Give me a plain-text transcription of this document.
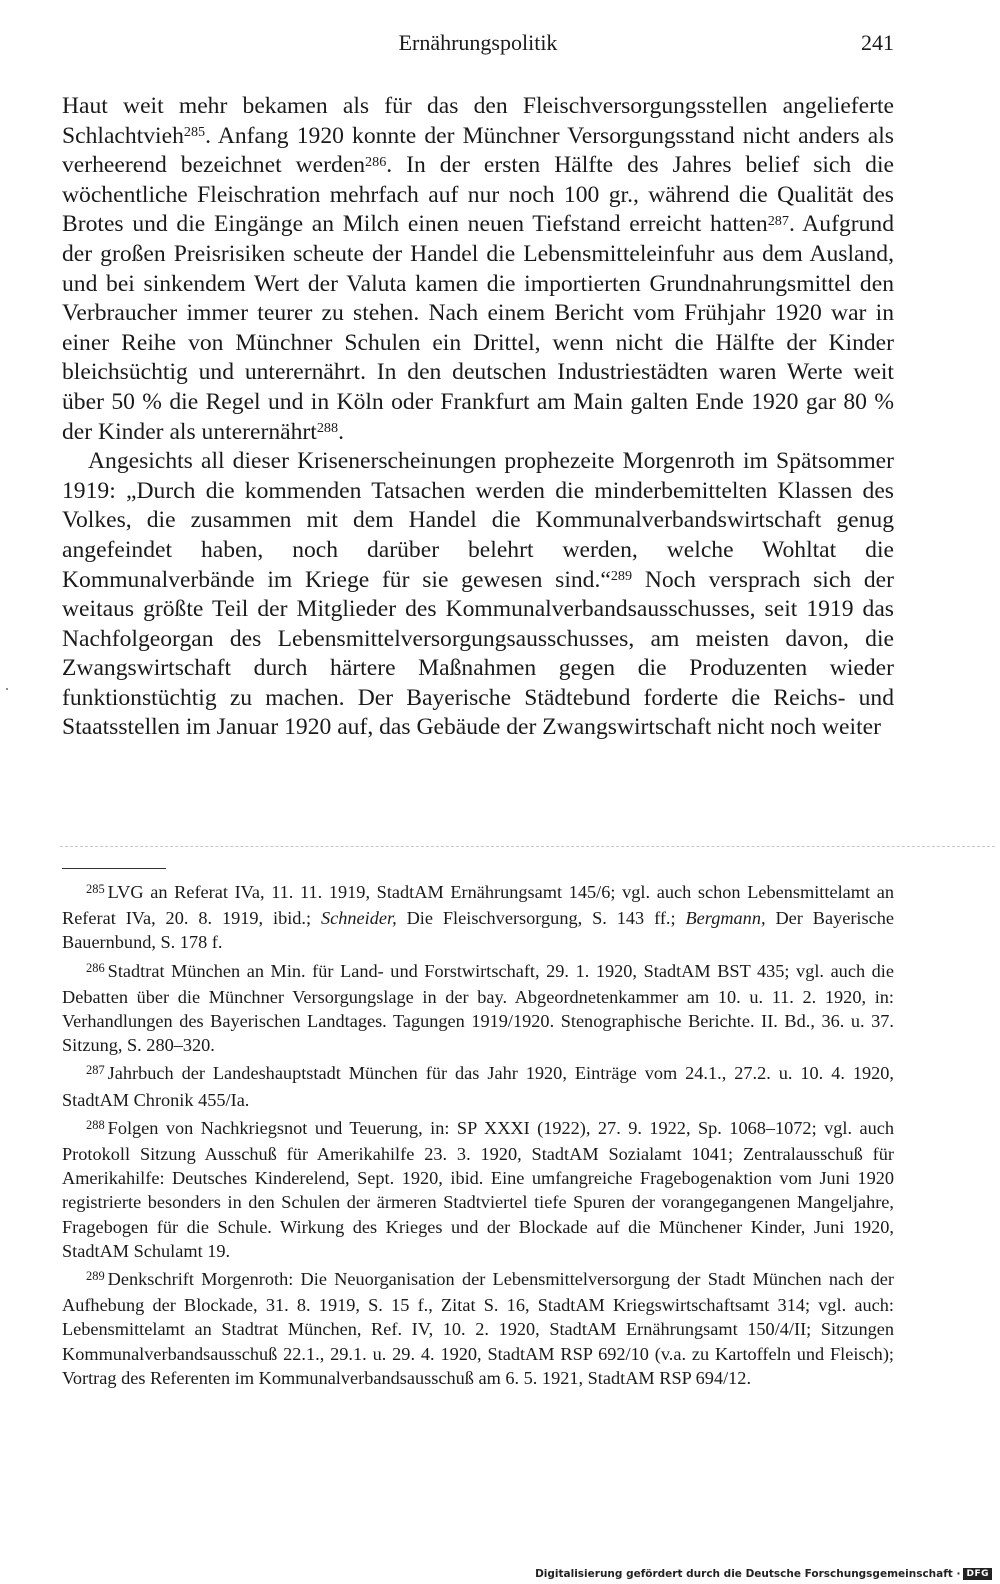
Ernährungspolitik	241

Haut weit mehr bekamen als für das den Fleischversorgungsstellen angelieferte Schlachtvieh$^{285}$. Anfang 1920 konnte der Münchner Versorgungsstand nicht anders als verheerend bezeichnet werden$^{286}$. In der ersten Hälfte des Jahres belief sich die wöchentliche Fleischration mehrfach auf nur noch 100 gr., während die Qualität des Brotes und die Eingänge an Milch einen neuen Tiefstand erreicht hatten$^{287}$. Aufgrund der großen Preisrisiken scheute der Handel die Lebensmitteleinfuhr aus dem Ausland, und bei sinkendem Wert der Valuta kamen die importierten Grundnahrungsmittel den Verbraucher immer teurer zu stehen. Nach einem Bericht vom Frühjahr 1920 war in einer Reihe von Münchner Schulen ein Drittel, wenn nicht die Hälfte der Kinder bleichsüchtig und unterernährt. In den deutschen Industriestädten waren Werte weit über 50 % die Regel und in Köln oder Frankfurt am Main galten Ende 1920 gar 80 % der Kinder als unterernährt$^{288}$.

Angesichts all dieser Krisenerscheinungen prophezeite Morgenroth im Spätsommer 1919: „Durch die kommenden Tatsachen werden die minderbemittelten Klassen des Volkes, die zusammen mit dem Handel die Kommunalverbandswirtschaft genug angefeindet haben, noch darüber belehrt werden, welche Wohltat die Kommunalverbände im Kriege für sie gewesen sind.“$^{289}$ Noch versprach sich der weitaus größte Teil der Mitglieder des Kommunalverbandsausschusses, seit 1919 das Nachfolgeorgan des Lebensmittelversorgungsausschusses, am meisten davon, die Zwangswirtschaft durch härtere Maßnahmen gegen die Produzenten wieder funktionstüchtig zu machen. Der Bayerische Städtebund forderte die Reichs- und Staatsstellen im Januar 1920 auf, das Gebäude der Zwangswirtschaft nicht noch weiter

$^{285}$ LVG an Referat IVa, 11. 11. 1919, StadtAM Ernährungsamt 145/6; vgl. auch schon Lebensmittelamt an Referat IVa, 20. 8. 1919, ibid.; Schneider, Die Fleischversorgung, S. 143 ff.; Bergmann, Der Bayerische Bauernbund, S. 178 f.

$^{286}$ Stadtrat München an Min. für Land- und Forstwirtschaft, 29. 1. 1920, StadtAM BST 435; vgl. auch die Debatten über die Münchner Versorgungslage in der bay. Abgeordnetenkammer am 10. u. 11. 2. 1920, in: Verhandlungen des Bayerischen Landtages. Tagungen 1919/1920. Stenographische Berichte. II. Bd., 36. u. 37. Sitzung, S. 280–320.

$^{287}$ Jahrbuch der Landeshauptstadt München für das Jahr 1920, Einträge vom 24.1., 27.2. u. 10. 4. 1920, StadtAM Chronik 455/Ia.

$^{288}$ Folgen von Nachkriegsnot und Teuerung, in: SP XXXI (1922), 27. 9. 1922, Sp. 1068–1072; vgl. auch Protokoll Sitzung Ausschuß für Amerikahilfe 23. 3. 1920, StadtAM Sozialamt 1041; Zentralausschuß für Amerikahilfe: Deutsches Kinderelend, Sept. 1920, ibid. Eine umfangreiche Fragebogenaktion vom Juni 1920 registrierte besonders in den Schulen der ärmeren Stadtviertel tiefe Spuren der vorangegangenen Mangeljahre, Fragebogen für die Schule. Wirkung des Krieges und der Blockade auf die Münchener Kinder, Juni 1920, StadtAM Schulamt 19.

$^{289}$ Denkschrift Morgenroth: Die Neuorganisation der Lebensmittelversorgung der Stadt München nach der Aufhebung der Blockade, 31. 8. 1919, S. 15 f., Zitat S. 16, StadtAM Kriegswirtschaftsamt 314; vgl. auch: Lebensmittelamt an Stadtrat München, Ref. IV, 10. 2. 1920, StadtAM Ernährungsamt 150/4/II; Sitzungen Kommunalverbandsausschuß 22.1., 29.1. u. 29. 4. 1920, StadtAM RSP 692/10 (v.a. zu Kartoffeln und Fleisch); Vortrag des Referenten im Kommunalverbandsausschuß am 6. 5. 1921, StadtAM RSP 694/12.

Digitalisierung gefördert durch die Deutsche Forschungsgemeinschaft · DFG
